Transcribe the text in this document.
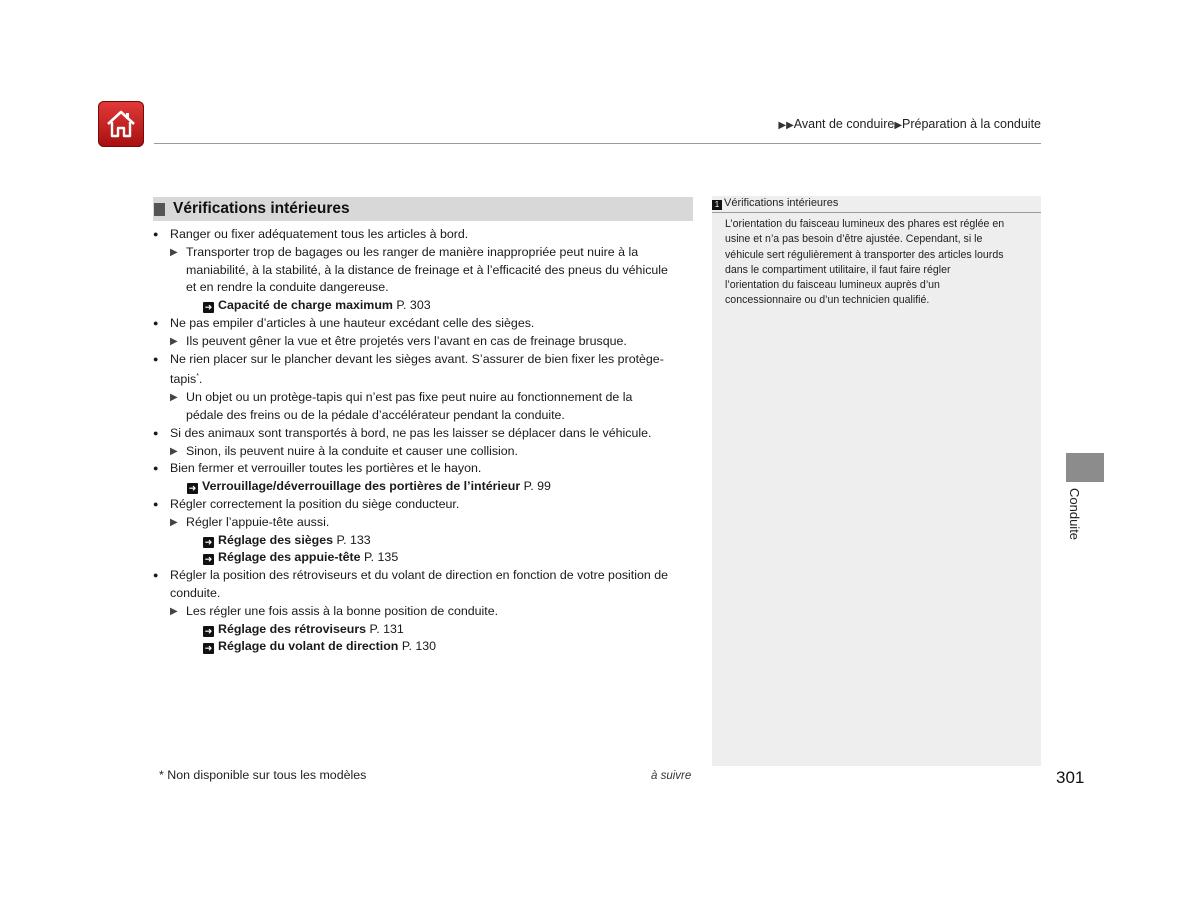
▶▶Avant de conduire▶Préparation à la conduite
Vérifications intérieures
● Ranger ou fixer adéquatement tous les articles à bord.
▶ Transporter trop de bagages ou les ranger de manière inappropriée peut nuire à la
maniabilité, à la stabilité, à la distance de freinage et à l’efficacité des pneus du véhicule
et en rendre la conduite dangereuse.
➜ Capacité de charge maximum P. 303
● Ne pas empiler d’articles à une hauteur excédant celle des sièges.
▶ Ils peuvent gêner la vue et être projetés vers l’avant en cas de freinage brusque.
● Ne rien placer sur le plancher devant les sièges avant. S’assurer de bien fixer les protège-
tapis*.
▶ Un objet ou un protège-tapis qui n’est pas fixe peut nuire au fonctionnement de la
pédale des freins ou de la pédale d’accélérateur pendant la conduite.
● Si des animaux sont transportés à bord, ne pas les laisser se déplacer dans le véhicule.
▶ Sinon, ils peuvent nuire à la conduite et causer une collision.
● Bien fermer et verrouiller toutes les portières et le hayon.
➜ Verrouillage/déverrouillage des portières de l’intérieur P. 99
● Régler correctement la position du siège conducteur.
▶ Régler l’appuie-tête aussi.
➜ Réglage des sièges P. 133
➜ Réglage des appuie-tête P. 135
● Régler la position des rétroviseurs et du volant de direction en fonction de votre position de
conduite.
▶ Les régler une fois assis à la bonne position de conduite.
➜ Réglage des rétroviseurs P. 131
➜ Réglage du volant de direction P. 130
1 Vérifications intérieures
L’orientation du faisceau lumineux des phares est réglée en
usine et n’a pas besoin d’être ajustée. Cependant, si le
véhicule sert régulièrement à transporter des articles lourds
dans le compartiment utilitaire, il faut faire régler
l’orientation du faisceau lumineux auprès d’un
concessionnaire ou d’un technicien qualifié.
Conduite
* Non disponible sur tous les modèles	à suivre	301
